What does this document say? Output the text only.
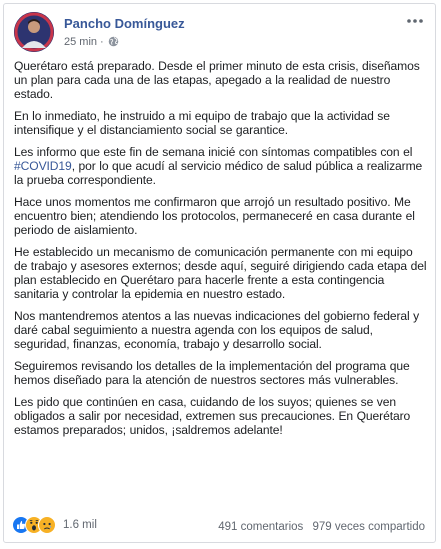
Pancho Domínguez
25 min ·

Querétaro está preparado. Desde el primer minuto de esta crisis, diseñamos un plan para cada una de las etapas, apegado a la realidad de nuestro estado.

En lo inmediato, he instruido a mi equipo de trabajo que la actividad se intensifique y el distanciamiento social se garantice.

Les informo que este fin de semana inicié con síntomas compatibles con el #COVID19, por lo que acudí al servicio médico de salud pública a realizarme la prueba correspondiente.

Hace unos momentos me confirmaron que arrojó un resultado positivo. Me encuentro bien; atendiendo los protocolos, permaneceré en casa durante el periodo de aislamiento.

He establecido un mecanismo de comunicación permanente con mi equipo de trabajo y asesores externos; desde aquí, seguiré dirigiendo cada etapa del plan establecido en Querétaro para hacerle frente a esta contingencia sanitaria y controlar la epidemia en nuestro estado.

Nos mantendremos atentos a las nuevas indicaciones del gobierno federal y daré cabal seguimiento a nuestra agenda con los equipos de salud, seguridad, finanzas, economía, trabajo y desarrollo social.

Seguiremos revisando los detalles de la implementación del programa que hemos diseñado para la atención de nuestros sectores más vulnerables.

Les pido que continúen en casa, cuidando de los suyos; quienes se ven obligados a salir por necesidad, extremen sus precauciones. En Querétaro estamos preparados; unidos, ¡saldremos adelante!

1.6 mil	491 comentarios 979 veces compartido
